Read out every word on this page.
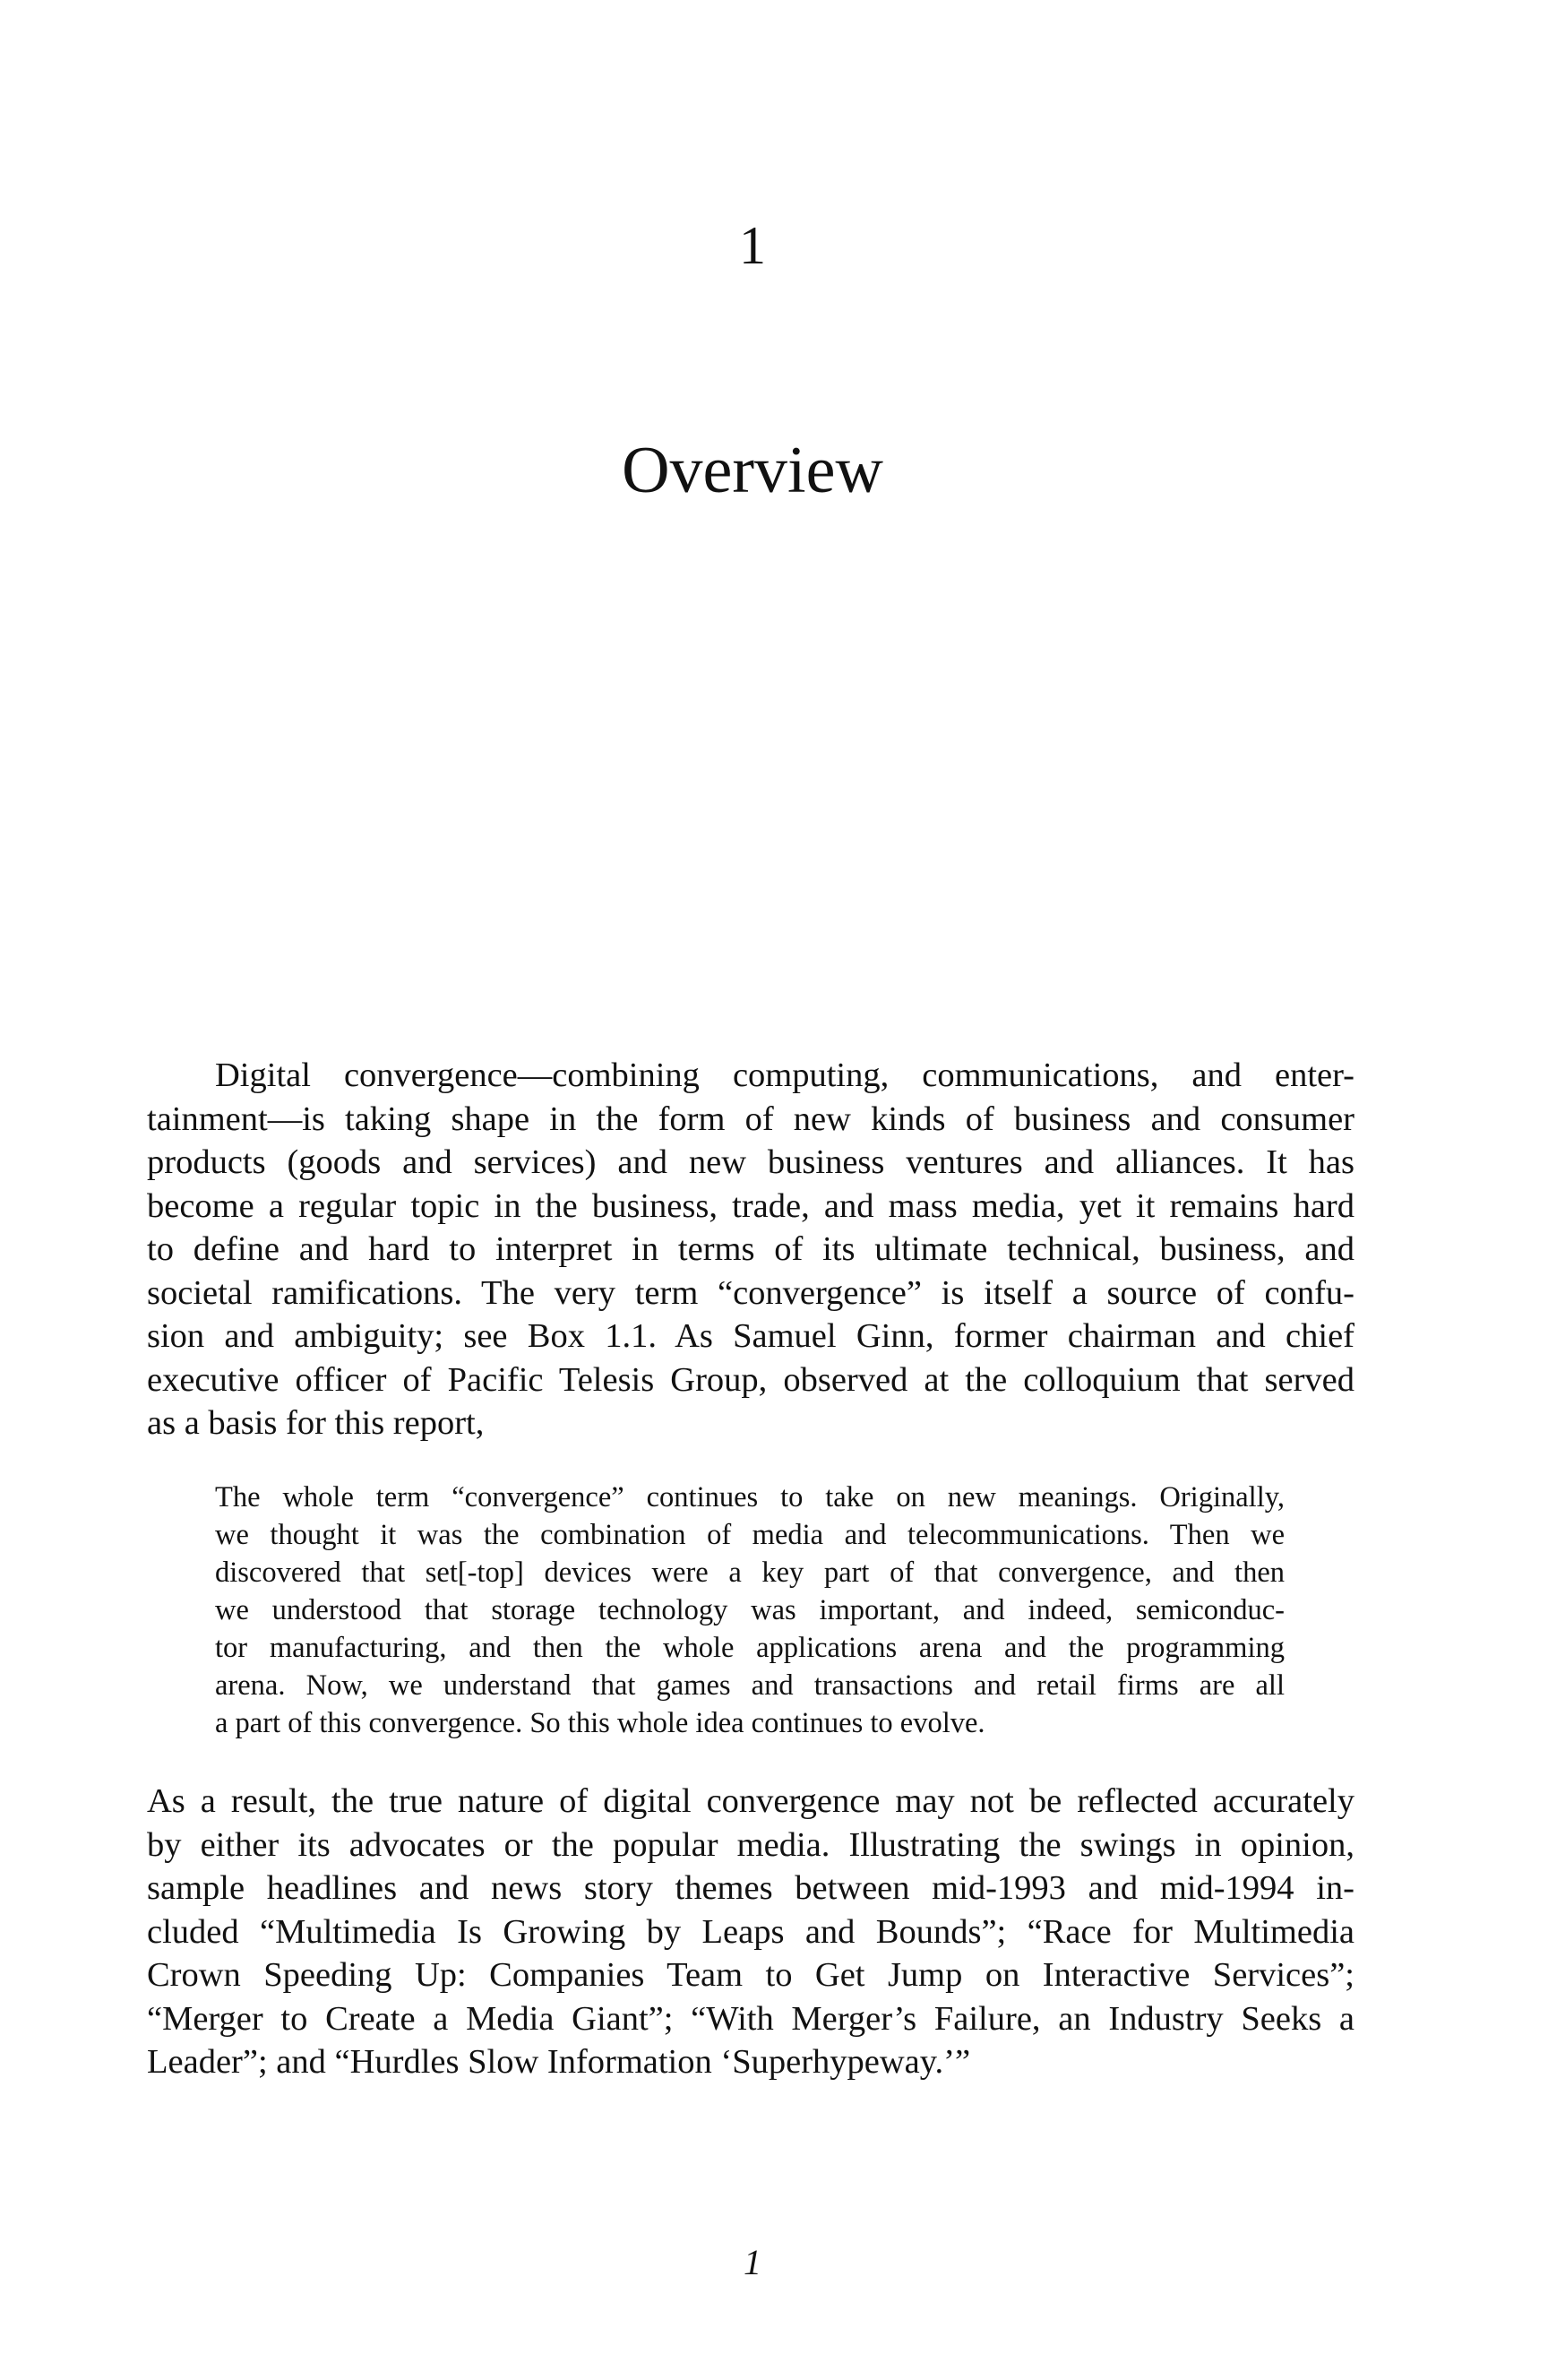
1
Overview
Digital convergence—combining computing, communications, and enter-
tainment—is taking shape in the form of new kinds of business and consumer
products (goods and services) and new business ventures and alliances. It has
become a regular topic in the business, trade, and mass media, yet it remains hard
to define and hard to interpret in terms of its ultimate technical, business, and
societal ramifications. The very term “convergence” is itself a source of confu-
sion and ambiguity; see Box 1.1. As Samuel Ginn, former chairman and chief
executive officer of Pacific Telesis Group, observed at the colloquium that served
as a basis for this report,
The whole term “convergence” continues to take on new meanings. Originally,
we thought it was the combination of media and telecommunications. Then we
discovered that set[-top] devices were a key part of that convergence, and then
we understood that storage technology was important, and indeed, semiconduc-
tor manufacturing, and then the whole applications arena and the programming
arena. Now, we understand that games and transactions and retail firms are all
a part of this convergence. So this whole idea continues to evolve.
As a result, the true nature of digital convergence may not be reflected accurately
by either its advocates or the popular media. Illustrating the swings in opinion,
sample headlines and news story themes between mid-1993 and mid-1994 in-
cluded “Multimedia Is Growing by Leaps and Bounds”; “Race for Multimedia
Crown Speeding Up: Companies Team to Get Jump on Interactive Services”;
“Merger to Create a Media Giant”; “With Merger’s Failure, an Industry Seeks a
Leader”; and “Hurdles Slow Information ‘Superhypeway.’”
1
